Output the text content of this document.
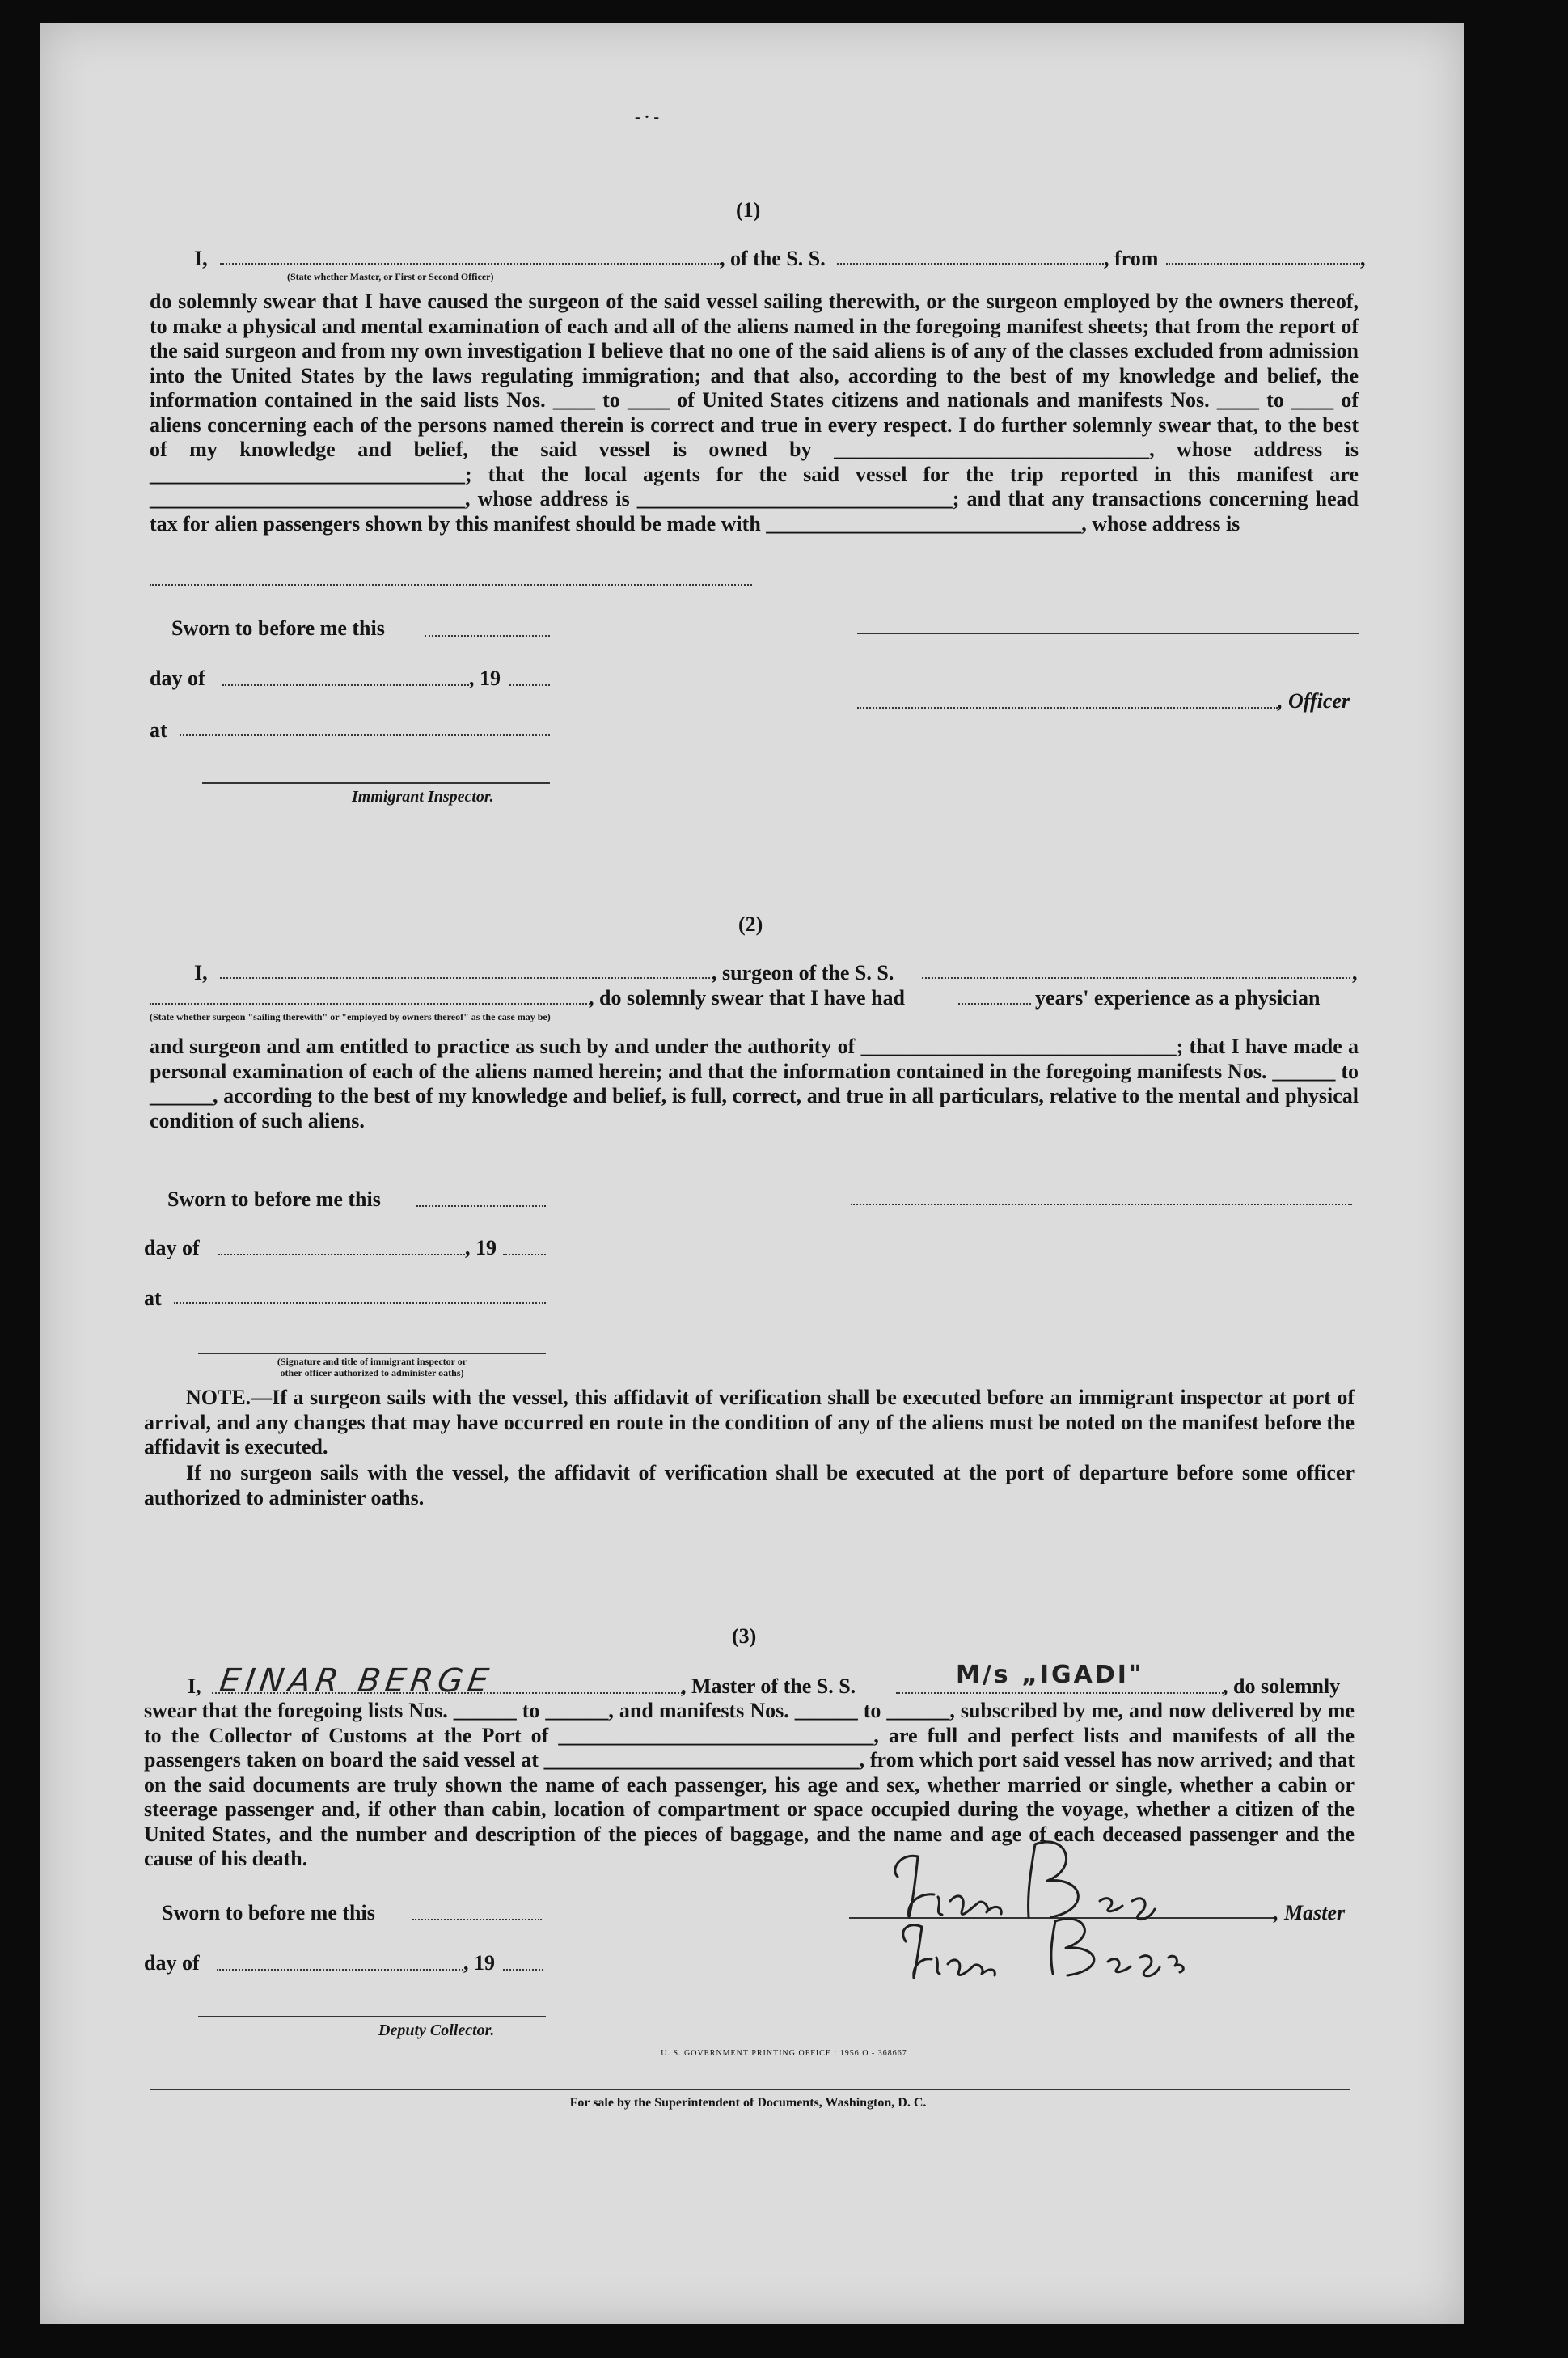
- · -
(1)
I,	, of the S. S.	, from	,
(State whether Master, or First or Second Officer)
do solemnly swear that I have caused the surgeon of the said vessel sailing therewith, or the surgeon employed by the owners thereof, to make a physical and mental examination of each and all of the aliens named in the foregoing manifest sheets; that from the report of the said surgeon and from my own investigation I believe that no one of the said aliens is of any of the classes excluded from admission into the United States by the laws regulating immigration; and that also, according to the best of my knowledge and belief, the information contained in the said lists Nos. ____ to ____ of United States citizens and nationals and manifests Nos. ____ to ____ of aliens concerning each of the persons named therein is correct and true in every respect. I do further solemnly swear that, to the best of my knowledge and belief, the said vessel is owned by ______________________________, whose address is ______________________________; that the local agents for the said vessel for the trip reported in this manifest are ______________________________, whose address is ______________________________; and that any transactions concerning head tax for alien passengers shown by this manifest should be made with ______________________________, whose address is
Sworn to before me this
day of	, 19
, Officer
at
Immigrant Inspector.
(2)
I,	, surgeon of the S. S.	,
, do solemnly swear that I have had	years' experience as a physician
(State whether surgeon "sailing therewith" or "employed by owners thereof" as the case may be)
and surgeon and am entitled to practice as such by and under the authority of ______________________________; that I have made a personal examination of each of the aliens named herein; and that the information contained in the foregoing manifests Nos. ______ to ______, according to the best of my knowledge and belief, is full, correct, and true in all particulars, relative to the mental and physical condition of such aliens.
Sworn to before me this
day of	, 19
at
(Signature and title of immigrant inspector or
other officer authorized to administer oaths)
NOTE.—If a surgeon sails with the vessel, this affidavit of verification shall be executed before an immigrant inspector at port of arrival, and any changes that may have occurred en route in the condition of any of the aliens must be noted on the manifest before the affidavit is executed.
If no surgeon sails with the vessel, the affidavit of verification shall be executed at the port of departure before some officer authorized to administer oaths.
(3)
I, EINAR BERGE	, Master of the S. S.	M/s „IGADI"	, do solemnly
swear that the foregoing lists Nos. ______ to ______, and manifests Nos. ______ to ______, subscribed by me, and now delivered by me to the Collector of Customs at the Port of ______________________________, are full and perfect lists and manifests of all the passengers taken on board the said vessel at ______________________________, from which port said vessel has now arrived; and that on the said documents are truly shown the name of each passenger, his age and sex, whether married or single, whether a cabin or steerage passenger and, if other than cabin, location of compartment or space occupied during the voyage, whether a citizen of the United States, and the number and description of the pieces of baggage, and the name and age of each deceased passenger and the cause of his death.
Sworn to before me this	, Master
day of	, 19
Deputy Collector.
U. S. GOVERNMENT PRINTING OFFICE : 1956 O - 368667
For sale by the Superintendent of Documents, Washington, D. C.
